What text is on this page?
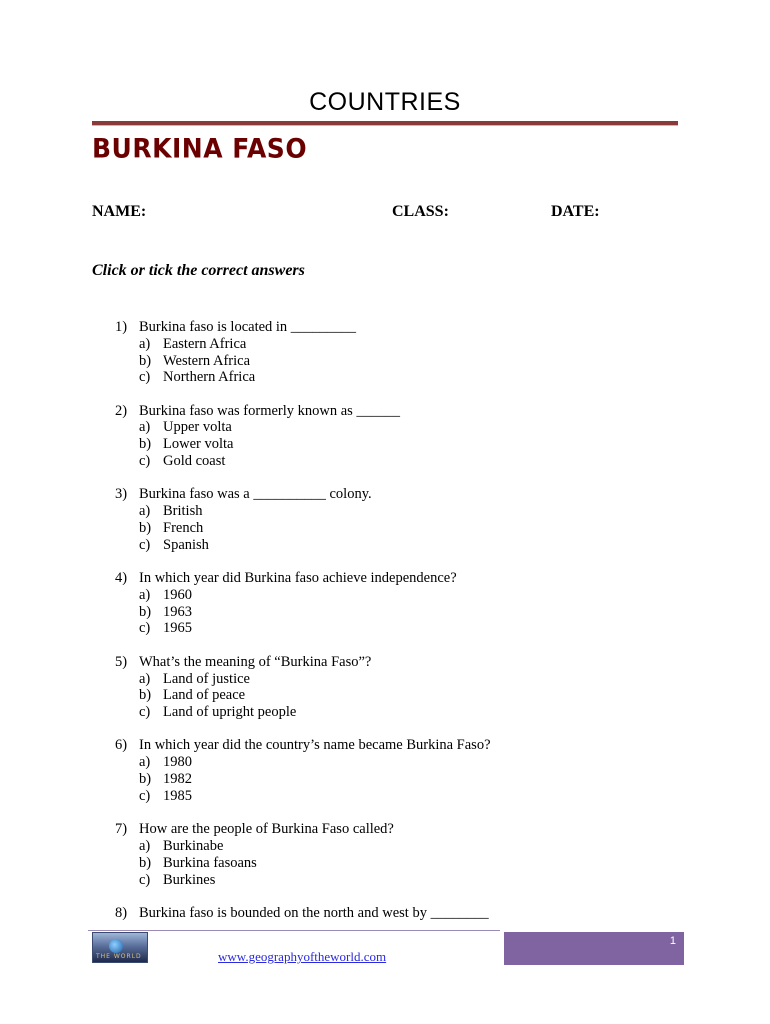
COUNTRIES
BURKINA FASO
NAME:	CLASS:	DATE:
Click or tick the correct answers
1) Burkina faso is located in _________
a) Eastern Africa
b) Western Africa
c) Northern Africa
2) Burkina faso was formerly known as ______
a) Upper volta
b) Lower volta
c) Gold coast
3) Burkina faso was a __________ colony.
a) British
b) French
c) Spanish
4) In which year did Burkina faso achieve independence?
a) 1960
b) 1963
c) 1965
5) What’s the meaning of “Burkina Faso”?
a) Land of justice
b) Land of peace
c) Land of upright people
6) In which year did the country’s name became Burkina Faso?
a) 1980
b) 1982
c) 1985
7) How are the people of Burkina Faso called?
a) Burkinabe
b) Burkina fasoans
c) Burkines
8) Burkina faso is bounded on the north and west by ________
THE WORLD	www.geographyoftheworld.com
1
